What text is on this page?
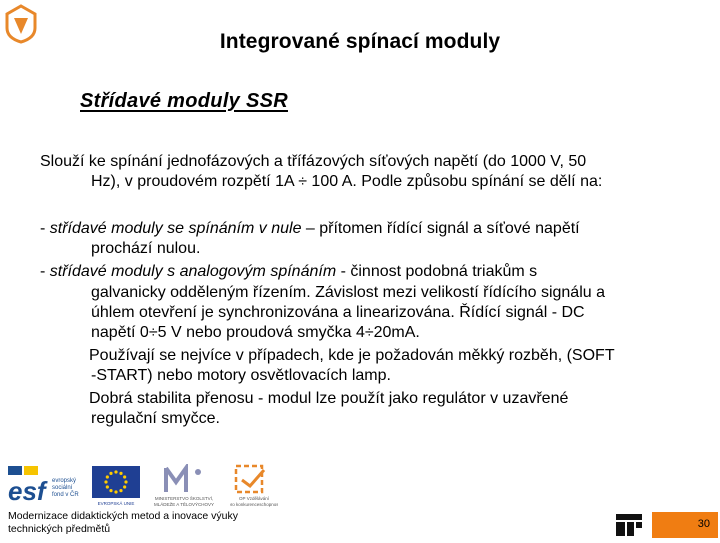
Integrované spínací moduly
Střídavé moduly SSR
Slouží ke spínání jednofázových a třífázových síťových napětí (do 1000 V, 50
Hz), v proudovém rozpětí 1A ÷ 100 A. Podle způsobu spínání se dělí na:
- střídavé moduly se spínáním v nule – přítomen řídící signál a síťové napětí
prochází nulou.
- střídavé moduly s analogovým spínáním - činnost podobná triakům s
galvanicky odděleným řízením. Závislost mezi velikostí řídícího signálu a
úhlem otevření je synchronizována a linearizována. Řídící signál - DC
napětí 0÷5 V nebo proudová smyčka 4÷20mA.
Používají se nejvíce v případech, kde je požadován měkký rozběh, (SOFT
-START) nebo motory osvětlovacích lamp.
Dobrá stabilita přenosu - modul lze použít jako regulátor v uzavřené
regulační smyčce.
esf	evropský
sociální
fond v ČR
EVROPSKÁ UNIE
MINISTERSTVO ŠKOLSTVÍ,
MLÁDEŽE A TĚLOVÝCHOVY
OP Vzdělávání
pro konkurenceschopnost
Modernizace didaktických metod a inovace výuky
technických předmětů	30
